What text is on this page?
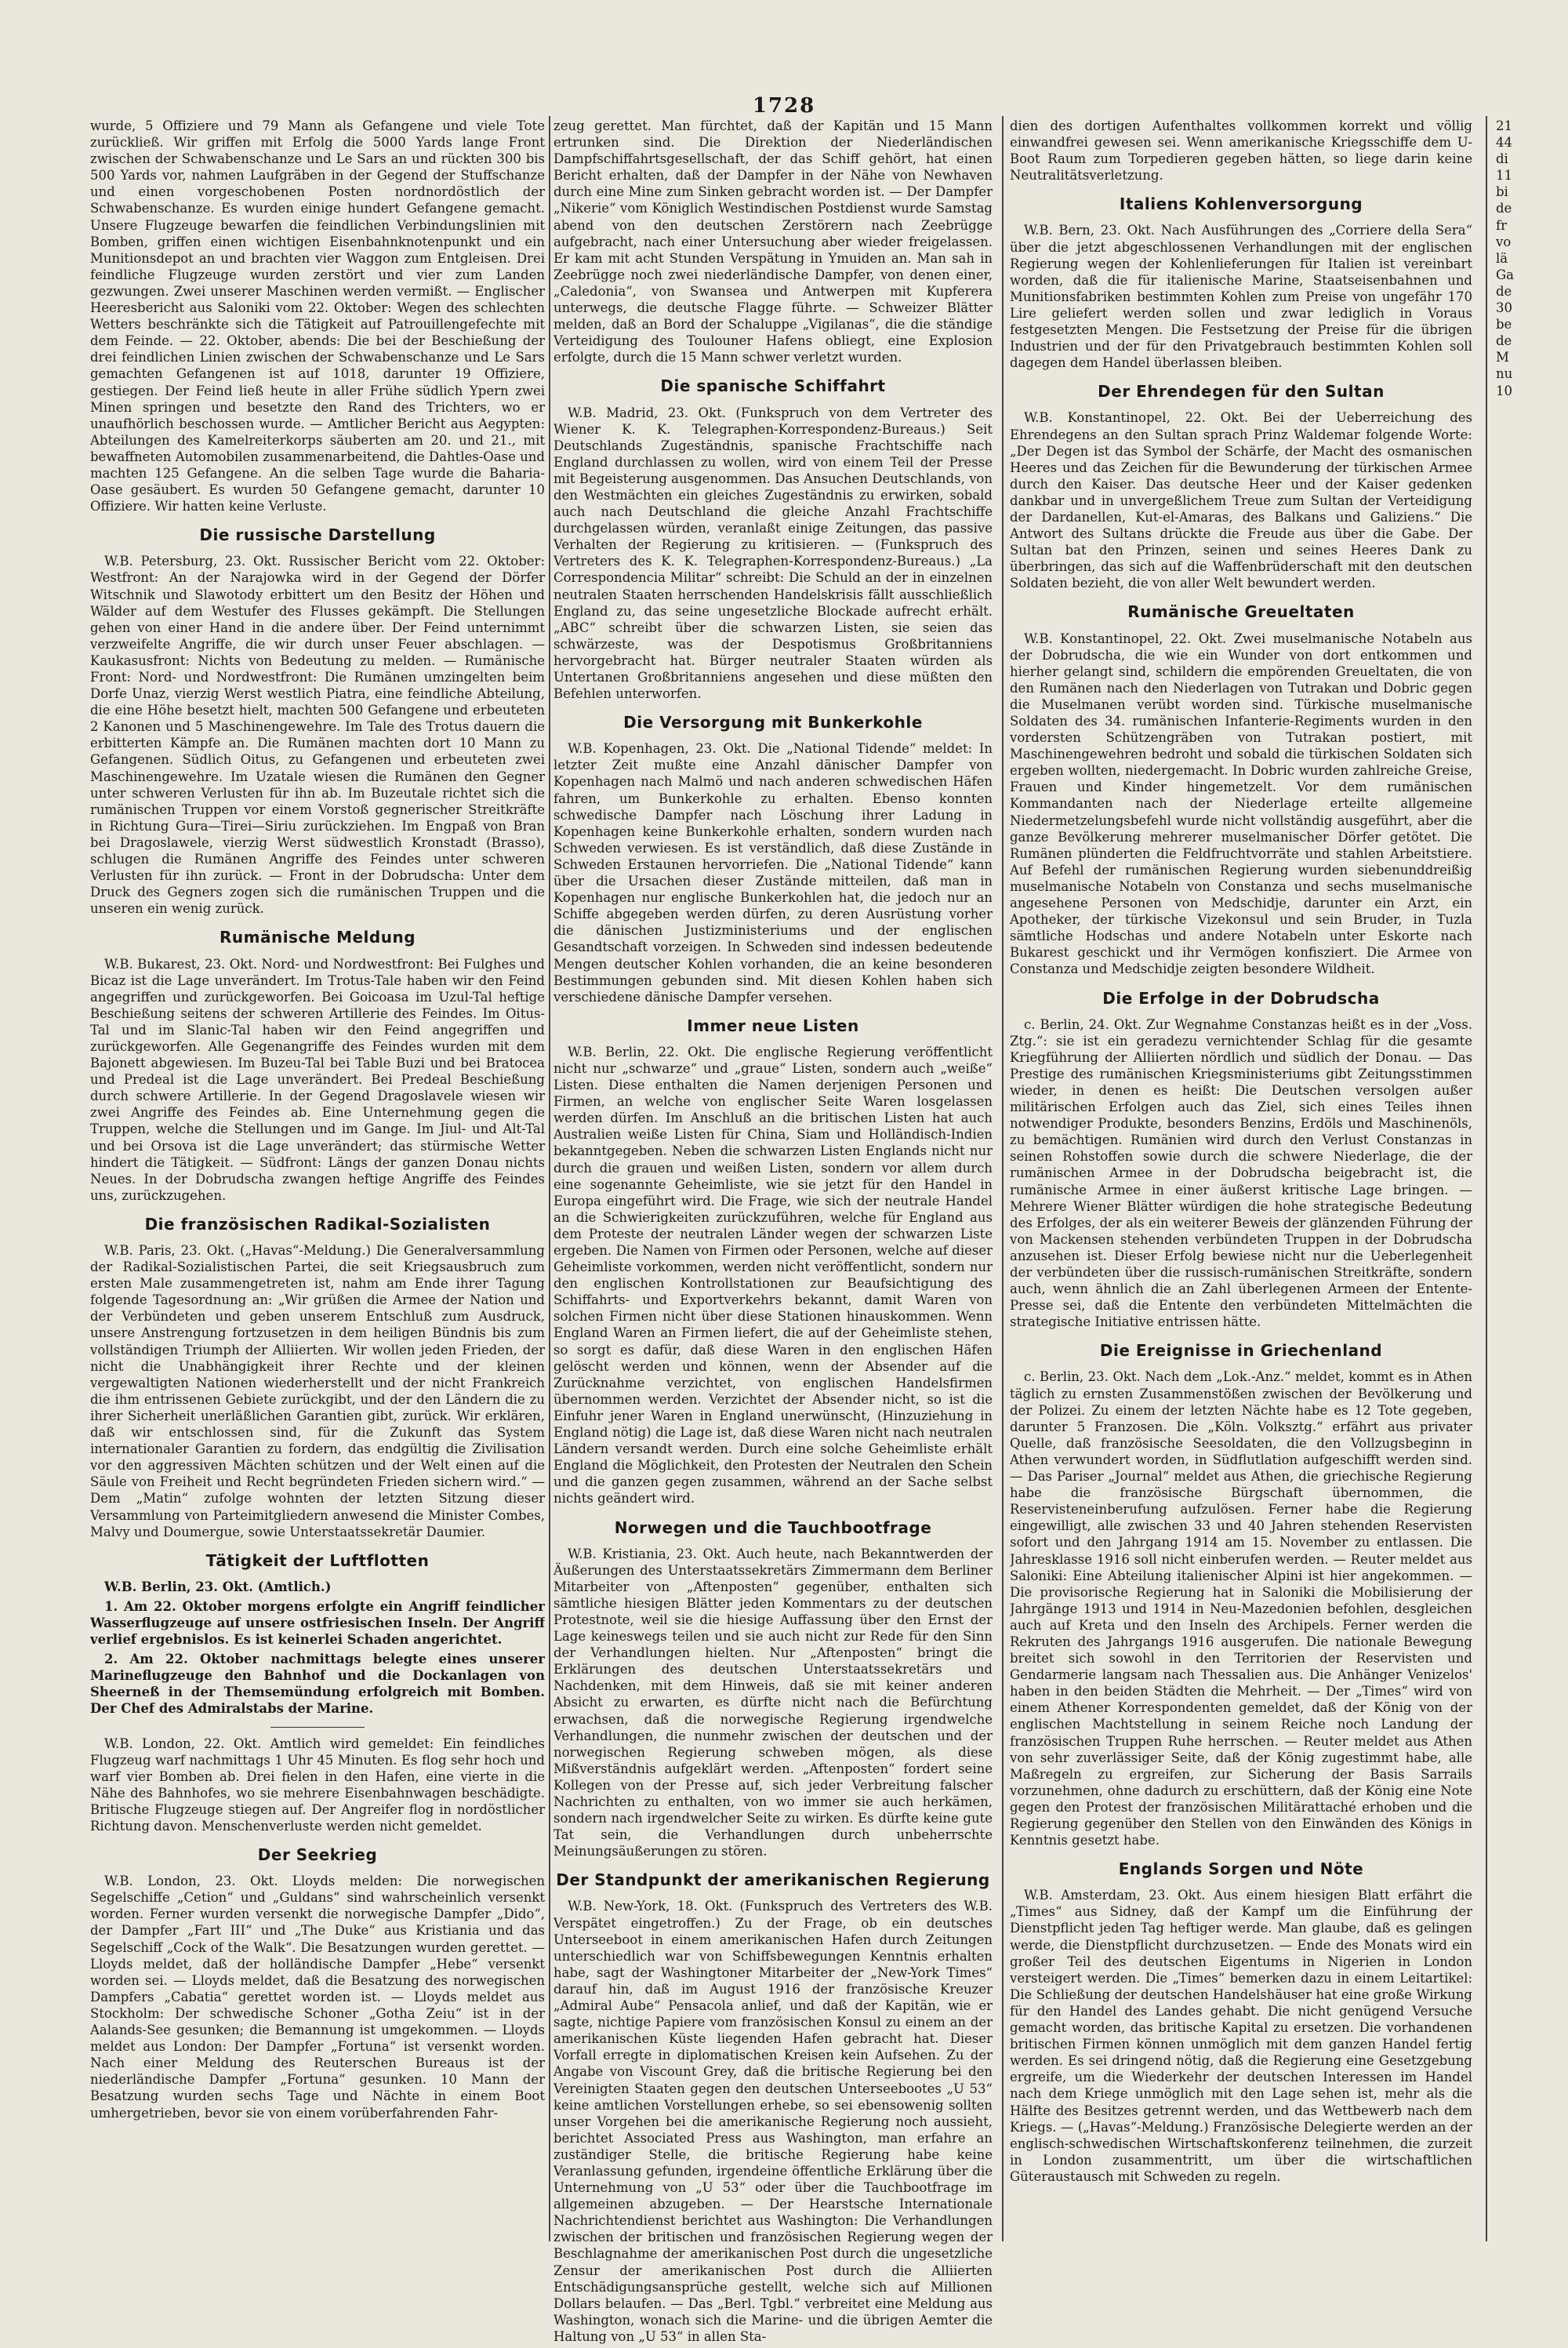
1728

wurde, 5 Offiziere und 79 Mann als Gefangene und viele Tote zurückließ. Wir griffen mit Erfolg die 5000 Yards lange Front zwischen der Schwabenschanze und Le Sars an und rückten 300 bis 500 Yards vor, nahmen Laufgräben in der Gegend der Stuffschanze und einen vorgeschobenen Posten nordnordöstlich der Schwabenschanze. Es wurden einige hundert Gefangene gemacht. Unsere Flugzeuge bewarfen die feindlichen Verbindungslinien mit Bomben, griffen einen wichtigen Eisenbahnknotenpunkt und ein Munitionsdepot an und brachten vier Waggon zum Entgleisen. Drei feindliche Flugzeuge wurden zerstört und vier zum Landen gezwungen. Zwei unserer Maschinen werden vermißt. — Englischer Heeresbericht aus Saloniki vom 22. Oktober: Wegen des schlechten Wetters beschränkte sich die Tätigkeit auf Patrouillengefechte mit dem Feinde. — 22. Oktober, abends: Die bei der Beschießung der drei feindlichen Linien zwischen der Schwabenschanze und Le Sars gemachten Gefangenen ist auf 1018, darunter 19 Offiziere, gestiegen. Der Feind ließ heute in aller Frühe südlich Ypern zwei Minen springen und besetzte den Rand des Trichters, wo er unaufhörlich beschossen wurde. — Amtlicher Bericht aus Aegypten: Abteilungen des Kamelreiterkorps säuberten am 20. und 21., mit bewaffneten Automobilen zusammenarbeitend, die Dahtles-Oase und machten 125 Gefangene. An die selben Tage wurde die Baharia-Oase gesäubert. Es wurden 50 Gefangene gemacht, darunter 10 Offiziere. Wir hatten keine Verluste.

Die russische Darstellung

W.B. Petersburg, 23. Okt. Russischer Bericht vom 22. Oktober: Westfront: An der Narajowka wird in der Gegend der Dörfer Witschnik und Slawotody erbittert um den Besitz der Höhen und Wälder auf dem Westufer des Flusses gekämpft. Die Stellungen gehen von einer Hand in die andere über. Der Feind unternimmt verzweifelte Angriffe, die wir durch unser Feuer abschlagen. — Kaukasusfront: Nichts von Bedeutung zu melden. — Rumänische Front: Nord- und Nordwestfront: Die Rumänen umzingelten beim Dorfe Unaz, vierzig Werst westlich Piatra, eine feindliche Abteilung, die eine Höhe besetzt hielt, machten 500 Gefangene und erbeuteten 2 Kanonen und 5 Maschinengewehre. Im Tale des Trotus dauern die erbitterten Kämpfe an. Die Rumänen machten dort 10 Mann zu Gefangenen. Südlich Oitus, zu Gefangenen und erbeuteten zwei Maschinengewehre. Im Uzatale wiesen die Rumänen den Gegner unter schweren Verlusten für ihn ab. Im Buzeutale richtet sich die rumänischen Truppen vor einem Vorstoß gegnerischer Streitkräfte in Richtung Gura—Tirei—Siriu zurückziehen. Im Engpaß von Bran bei Dragoslawele, vierzig Werst südwestlich Kronstadt (Brasso), schlugen die Rumänen Angriffe des Feindes unter schweren Verlusten für ihn zurück. — Front in der Dobrudscha: Unter dem Druck des Gegners zogen sich die rumänischen Truppen und die unseren ein wenig zurück.

Rumänische Meldung

W.B. Bukarest, 23. Okt. Nord- und Nordwestfront: Bei Fulghes und Bicaz ist die Lage unverändert. Im Trotus-Tale haben wir den Feind angegriffen und zurückgeworfen. Bei Goicoasa im Uzul-Tal heftige Beschießung seitens der schweren Artillerie des Feindes. Im Oitus-Tal und im Slanic-Tal haben wir den Feind angegriffen und zurückgeworfen. Alle Gegenangriffe des Feindes wurden mit dem Bajonett abgewiesen. Im Buzeu-Tal bei Table Buzi und bei Bratocea und Predeal ist die Lage unverändert. Bei Predeal Beschießung durch schwere Artillerie. In der Gegend Dragoslavele wiesen wir zwei Angriffe des Feindes ab. Eine Unternehmung gegen die Truppen, welche die Stellungen und im Gange. Im Jiul- und Alt-Tal und bei Orsova ist die Lage unverändert; das stürmische Wetter hindert die Tätigkeit. — Südfront: Längs der ganzen Donau nichts Neues. In der Dobrudscha zwangen heftige Angriffe des Feindes uns, zurückzugehen.

Die französischen Radikal-Sozialisten

W.B. Paris, 23. Okt. („Havas“-Meldung.) Die Generalversammlung der Radikal-Sozialistischen Partei, die seit Kriegsausbruch zum ersten Male zusammengetreten ist, nahm am Ende ihrer Tagung folgende Tagesordnung an: „Wir grüßen die Armee der Nation und der Verbündeten und geben unserem Entschluß zum Ausdruck, unsere Anstrengung fortzusetzen in dem heiligen Bündnis bis zum vollständigen Triumph der Alliierten. Wir wollen jeden Frieden, der nicht die Unabhängigkeit ihrer Rechte und der kleinen vergewaltigten Nationen wiederherstellt und der nicht Frankreich die ihm entrissenen Gebiete zurückgibt, und der den Ländern die zu ihrer Sicherheit unerläßlichen Garantien gibt, zurück. Wir erklären, daß wir entschlossen sind, für die Zukunft das System internationaler Garantien zu fordern, das endgültig die Zivilisation vor den aggressiven Mächten schützen und der Welt einen auf die Säule von Freiheit und Recht begründeten Frieden sichern wird.“ — Dem „Matin“ zufolge wohnten der letzten Sitzung dieser Versammlung von Parteimitgliedern anwesend die Minister Combes, Malvy und Doumergue, sowie Unterstaatssekretär Daumier.

Tätigkeit der Luftflotten

W.B. Berlin, 23. Okt. (Amtlich.)

1. Am 22. Oktober morgens erfolgte ein Angriff feindlicher Wasserflugzeuge auf unsere ostfriesischen Inseln. Der Angriff verlief ergebnislos. Es ist keinerlei Schaden angerichtet.

2. Am 22. Oktober nachmittags belegte eines unserer Marineflugzeuge den Bahnhof und die Dockanlagen von Sheerneß in der Themsemündung erfolgreich mit Bomben. Der Chef des Admiralstabs der Marine.

W.B. London, 22. Okt. Amtlich wird gemeldet: Ein feindliches Flugzeug warf nachmittags 1 Uhr 45 Minuten. Es flog sehr hoch und warf vier Bomben ab. Drei fielen in den Hafen, eine vierte in die Nähe des Bahnhofes, wo sie mehrere Eisenbahnwagen beschädigte. Britische Flugzeuge stiegen auf. Der Angreifer flog in nordöstlicher Richtung davon. Menschenverluste werden nicht gemeldet.

Der Seekrieg

W.B. London, 23. Okt. Lloyds melden: Die norwegischen Segelschiffe „Cetion“ und „Guldans“ sind wahrscheinlich versenkt worden. Ferner wurden versenkt die norwegische Dampfer „Dido“, der Dampfer „Fart III“ und „The Duke“ aus Kristiania und das Segelschiff „Cock of the Walk“. Die Besatzungen wurden gerettet. — Lloyds meldet, daß der holländische Dampfer „Hebe“ versenkt worden sei. — Lloyds meldet, daß die Besatzung des norwegischen Dampfers „Cabatia“ gerettet worden ist. — Lloyds meldet aus Stockholm: Der schwedische Schoner „Gotha Zeiu“ ist in der Aalands-See gesunken; die Bemannung ist umgekommen. — Lloyds meldet aus London: Der Dampfer „Fortuna“ ist versenkt worden. Nach einer Meldung des Reuterschen Bureaus ist der niederländische Dampfer „Fortuna“ gesunken. 10 Mann der Besatzung wurden sechs Tage und Nächte in einem Boot umhergetrieben, bevor sie von einem vorüberfahrenden Fahr-

zeug gerettet. Man fürchtet, daß der Kapitän und 15 Mann ertrunken sind. Die Direktion der Niederländischen Dampfschiffahrtsgesellschaft, der das Schiff gehört, hat einen Bericht erhalten, daß der Dampfer in der Nähe von Newhaven durch eine Mine zum Sinken gebracht worden ist. — Der Dampfer „Nikerie“ vom Königlich Westindischen Postdienst wurde Samstag abend von den deutschen Zerstörern nach Zeebrügge aufgebracht, nach einer Untersuchung aber wieder freigelassen. Er kam mit acht Stunden Verspätung in Ymuiden an. Man sah in Zeebrügge noch zwei niederländische Dampfer, von denen einer, „Caledonia“, von Swansea und Antwerpen mit Kupferera unterwegs, die deutsche Flagge führte. — Schweizer Blätter melden, daß an Bord der Schaluppe „Vigilanas“, die die ständige Verteidigung des Toulouner Hafens obliegt, eine Explosion erfolgte, durch die 15 Mann schwer verletzt wurden.

Die spanische Schiffahrt

W.B. Madrid, 23. Okt. (Funkspruch von dem Vertreter des Wiener K. K. Telegraphen-Korrespondenz-Bureaus.) Seit Deutschlands Zugeständnis, spanische Frachtschiffe nach England durchlassen zu wollen, wird von einem Teil der Presse mit Begeisterung ausgenommen. Das Ansuchen Deutschlands, von den Westmächten ein gleiches Zugeständnis zu erwirken, sobald auch nach Deutschland die gleiche Anzahl Frachtschiffe durchgelassen würden, veranlaßt einige Zeitungen, das passive Verhalten der Regierung zu kritisieren. — (Funkspruch des Vertreters des K. K. Telegraphen-Korrespondenz-Bureaus.) „La Correspondencia Militar“ schreibt: Die Schuld an der in einzelnen neutralen Staaten herrschenden Handelskrisis fällt ausschließlich England zu, das seine ungesetzliche Blockade aufrecht erhält. „ABC“ schreibt über die schwarzen Listen, sie seien das schwärzeste, was der Despotismus Großbritanniens hervorgebracht hat. Bürger neutraler Staaten würden als Untertanen Großbritanniens angesehen und diese müßten den Befehlen unterworfen.

Die Versorgung mit Bunkerkohle

W.B. Kopenhagen, 23. Okt. Die „National Tidende“ meldet: In letzter Zeit mußte eine Anzahl dänischer Dampfer von Kopenhagen nach Malmö und nach anderen schwedischen Häfen fahren, um Bunkerkohle zu erhalten. Ebenso konnten schwedische Dampfer nach Löschung ihrer Ladung in Kopenhagen keine Bunkerkohle erhalten, sondern wurden nach Schweden verwiesen. Es ist verständlich, daß diese Zustände in Schweden Erstaunen hervorriefen. Die „National Tidende“ kann über die Ursachen dieser Zustände mitteilen, daß man in Kopenhagen nur englische Bunkerkohlen hat, die jedoch nur an Schiffe abgegeben werden dürfen, zu deren Ausrüstung vorher die dänischen Justizministeriums und der englischen Gesandtschaft vorzeigen. In Schweden sind indessen bedeutende Mengen deutscher Kohlen vorhanden, die an keine besonderen Bestimmungen gebunden sind. Mit diesen Kohlen haben sich verschiedene dänische Dampfer versehen.

Immer neue Listen

W.B. Berlin, 22. Okt. Die englische Regierung veröffentlicht nicht nur „schwarze“ und „graue“ Listen, sondern auch „weiße“ Listen. Diese enthalten die Namen derjenigen Personen und Firmen, an welche von englischer Seite Waren losgelassen werden dürfen. Im Anschluß an die britischen Listen hat auch Australien weiße Listen für China, Siam und Holländisch-Indien bekanntgegeben. Neben die schwarzen Listen Englands nicht nur durch die grauen und weißen Listen, sondern vor allem durch eine sogenannte Geheimliste, wie sie jetzt für den Handel in Europa eingeführt wird. Die Frage, wie sich der neutrale Handel an die Schwierigkeiten zurückzuführen, welche für England aus dem Proteste der neutralen Länder wegen der schwarzen Liste ergeben. Die Namen von Firmen oder Personen, welche auf dieser Geheimliste vorkommen, werden nicht veröffentlicht, sondern nur den englischen Kontrollstationen zur Beaufsichtigung des Schiffahrts- und Exportverkehrs bekannt, damit Waren von solchen Firmen nicht über diese Stationen hinauskommen. Wenn England Waren an Firmen liefert, die auf der Geheimliste stehen, so sorgt es dafür, daß diese Waren in den englischen Häfen gelöscht werden und können, wenn der Absender auf die Zurücknahme verzichtet, von englischen Handelsfirmen übernommen werden. Verzichtet der Absender nicht, so ist die Einfuhr jener Waren in England unerwünscht, (Hinzuziehung in England nötig) die Lage ist, daß diese Waren nicht nach neutralen Ländern versandt werden. Durch eine solche Geheimliste erhält England die Möglichkeit, den Protesten der Neutralen den Schein und die ganzen gegen zusammen, während an der Sache selbst nichts geändert wird.

Norwegen und die Tauchbootfrage

W.B. Kristiania, 23. Okt. Auch heute, nach Bekanntwerden der Äußerungen des Unterstaatssekretärs Zimmermann dem Berliner Mitarbeiter von „Aftenposten“ gegenüber, enthalten sich sämtliche hiesigen Blätter jeden Kommentars zu der deutschen Protestnote, weil sie die hiesige Auffassung über den Ernst der Lage keineswegs teilen und sie auch nicht zur Rede für den Sinn der Verhandlungen hielten. Nur „Aftenposten“ bringt die Erklärungen des deutschen Unterstaatssekretärs und Nachdenken, mit dem Hinweis, daß sie mit keiner anderen Absicht zu erwarten, es dürfte nicht nach die Befürchtung erwachsen, daß die norwegische Regierung irgendwelche Verhandlungen, die nunmehr zwischen der deutschen und der norwegischen Regierung schweben mögen, als diese Mißverständnis aufgeklärt werden. „Aftenposten“ fordert seine Kollegen von der Presse auf, sich jeder Verbreitung falscher Nachrichten zu enthalten, von wo immer sie auch herkämen, sondern nach irgendwelcher Seite zu wirken. Es dürfte keine gute Tat sein, die Verhandlungen durch unbeherrschte Meinungsäußerungen zu stören.

Der Standpunkt der amerikanischen Regierung

W.B. New-York, 18. Okt. (Funkspruch des Vertreters des W.B. Verspätet eingetroffen.) Zu der Frage, ob ein deutsches Unterseeboot in einem amerikanischen Hafen durch Zeitungen unterschiedlich war von Schiffsbewegungen Kenntnis erhalten habe, sagt der Washingtoner Mitarbeiter der „New-York Times“ darauf hin, daß im August 1916 der französische Kreuzer „Admiral Aube“ Pensacola anlief, und daß der Kapitän, wie er sagte, nichtige Papiere vom französischen Konsul zu einem an der amerikanischen Küste liegenden Hafen gebracht hat. Dieser Vorfall erregte in diplomatischen Kreisen kein Aufsehen. Zu der Angabe von Viscount Grey, daß die britische Regierung bei den Vereinigten Staaten gegen den deutschen Unterseebootes „U 53“ keine amtlichen Vorstellungen erhebe, so sei ebensowenig sollten unser Vorgehen bei die amerikanische Regierung noch aussieht, berichtet Associated Press aus Washington, man erfahre an zuständiger Stelle, die britische Regierung habe keine Veranlassung gefunden, irgendeine öffentliche Erklärung über die Unternehmung von „U 53“ oder über die Tauchbootfrage im allgemeinen abzugeben. — Der Hearstsche Internationale Nachrichtendienst berichtet aus Washington: Die Verhandlungen zwischen der britischen und französischen Regierung wegen der Beschlagnahme der amerikanischen Post durch die ungesetzliche Zensur der amerikanischen Post durch die Alliierten Entschädigungsansprüche gestellt, welche sich auf Millionen Dollars belaufen. — Das „Berl. Tgbl.“ verbreitet eine Meldung aus Washington, wonach sich die Marine- und die übrigen Aemter die Haltung von „U 53“ in allen Sta-

dien des dortigen Aufenthaltes vollkommen korrekt und völlig einwandfrei gewesen sei. Wenn amerikanische Kriegsschiffe dem U-Boot Raum zum Torpedieren gegeben hätten, so liege darin keine Neutralitätsverletzung.

Italiens Kohlenversorgung

W.B. Bern, 23. Okt. Nach Ausführungen des „Corriere della Sera“ über die jetzt abgeschlossenen Verhandlungen mit der englischen Regierung wegen der Kohlenlieferungen für Italien ist vereinbart worden, daß die für italienische Marine, Staatseisenbahnen und Munitionsfabriken bestimmten Kohlen zum Preise von ungefähr 170 Lire geliefert werden sollen und zwar lediglich in Voraus festgesetzten Mengen. Die Festsetzung der Preise für die übrigen Industrien und der für den Privatgebrauch bestimmten Kohlen soll dagegen dem Handel überlassen bleiben.

Der Ehrendegen für den Sultan

W.B. Konstantinopel, 22. Okt. Bei der Ueberreichung des Ehrendegens an den Sultan sprach Prinz Waldemar folgende Worte: „Der Degen ist das Symbol der Schärfe, der Macht des osmanischen Heeres und das Zeichen für die Bewunderung der türkischen Armee durch den Kaiser. Das deutsche Heer und der Kaiser gedenken dankbar und in unvergeßlichem Treue zum Sultan der Verteidigung der Dardanellen, Kut-el-Amaras, des Balkans und Galiziens.“ Die Antwort des Sultans drückte die Freude aus über die Gabe. Der Sultan bat den Prinzen, seinen und seines Heeres Dank zu überbringen, das sich auf die Waffenbrüderschaft mit den deutschen Soldaten bezieht, die von aller Welt bewundert werden.

Rumänische Greueltaten

W.B. Konstantinopel, 22. Okt. Zwei muselmanische Notabeln aus der Dobrudscha, die wie ein Wunder von dort entkommen und hierher gelangt sind, schildern die empörenden Greueltaten, die von den Rumänen nach den Niederlagen von Tutrakan und Dobric gegen die Muselmanen verübt worden sind. Türkische muselmanische Soldaten des 34. rumänischen Infanterie-Regiments wurden in den vordersten Schützengräben von Tutrakan postiert, mit Maschinengewehren bedroht und sobald die türkischen Soldaten sich ergeben wollten, niedergemacht. In Dobric wurden zahlreiche Greise, Frauen und Kinder hingemetzelt. Vor dem rumänischen Kommandanten nach der Niederlage erteilte allgemeine Niedermetzelungsbefehl wurde nicht vollständig ausgeführt, aber die ganze Bevölkerung mehrerer muselmanischer Dörfer getötet. Die Rumänen plünderten die Feldfruchtvorräte und stahlen Arbeitstiere. Auf Befehl der rumänischen Regierung wurden siebenunddreißig muselmanische Notabeln von Constanza und sechs muselmanische angesehene Personen von Medschidje, darunter ein Arzt, ein Apotheker, der türkische Vizekonsul und sein Bruder, in Tuzla sämtliche Hodschas und andere Notabeln unter Eskorte nach Bukarest geschickt und ihr Vermögen konfisziert. Die Armee von Constanza und Medschidje zeigten besondere Wildheit.

Die Erfolge in der Dobrudscha

c. Berlin, 24. Okt. Zur Wegnahme Constanzas heißt es in der „Voss. Ztg.“: sie ist ein geradezu vernichtender Schlag für die gesamte Kriegführung der Alliierten nördlich und südlich der Donau. — Das Prestige des rumänischen Kriegsministeriums gibt Zeitungsstimmen wieder, in denen es heißt: Die Deutschen versolgen außer militärischen Erfolgen auch das Ziel, sich eines Teiles ihnen notwendiger Produkte, besonders Benzins, Erdöls und Maschinenöls, zu bemächtigen. Rumänien wird durch den Verlust Constanzas in seinen Rohstoffen sowie durch die schwere Niederlage, die der rumänischen Armee in der Dobrudscha beigebracht ist, die rumänische Armee in einer äußerst kritische Lage bringen. — Mehrere Wiener Blätter würdigen die hohe strategische Bedeutung des Erfolges, der als ein weiterer Beweis der glänzenden Führung der von Mackensen stehenden verbündeten Truppen in der Dobrudscha anzusehen ist. Dieser Erfolg bewiese nicht nur die Ueberlegenheit der verbündeten über die russisch-rumänischen Streitkräfte, sondern auch, wenn ähnlich die an Zahl überlegenen Armeen der Entente-Presse sei, daß die Entente den verbündeten Mittelmächten die strategische Initiative entrissen hätte.

Die Ereignisse in Griechenland

c. Berlin, 23. Okt. Nach dem „Lok.-Anz.“ meldet, kommt es in Athen täglich zu ernsten Zusammenstößen zwischen der Bevölkerung und der Polizei. Zu einem der letzten Nächte habe es 12 Tote gegeben, darunter 5 Franzosen. Die „Köln. Volksztg.“ erfährt aus privater Quelle, daß französische Seesoldaten, die den Vollzugsbeginn in Athen verwundert worden, in Südflutlation aufgeschifft werden sind. — Das Pariser „Journal“ meldet aus Athen, die griechische Regierung habe die französische Bürgschaft übernommen, die Reservisteneinberufung aufzulösen. Ferner habe die Regierung eingewilligt, alle zwischen 33 und 40 Jahren stehenden Reservisten sofort und den Jahrgang 1914 am 15. November zu entlassen. Die Jahresklasse 1916 soll nicht einberufen werden. — Reuter meldet aus Saloniki: Eine Abteilung italienischer Alpini ist hier angekommen. — Die provisorische Regierung hat in Saloniki die Mobilisierung der Jahrgänge 1913 und 1914 in Neu-Mazedonien befohlen, desgleichen auch auf Kreta und den Inseln des Archipels. Ferner werden die Rekruten des Jahrgangs 1916 ausgerufen. Die nationale Bewegung breitet sich sowohl in den Territorien der Reservisten und Gendarmerie langsam nach Thessalien aus. Die Anhänger Venizelos' haben in den beiden Städten die Mehrheit. — Der „Times“ wird von einem Athener Korrespondenten gemeldet, daß der König von der englischen Machtstellung in seinem Reiche noch Landung der französischen Truppen Ruhe herrschen. — Reuter meldet aus Athen von sehr zuverlässiger Seite, daß der König zugestimmt habe, alle Maßregeln zu ergreifen, zur Sicherung der Basis Sarrails vorzunehmen, ohne dadurch zu erschüttern, daß der König eine Note gegen den Protest der französischen Militärattaché erhoben und die Regierung gegenüber den Stellen von den Einwänden des Königs in Kenntnis gesetzt habe.

Englands Sorgen und Nöte

W.B. Amsterdam, 23. Okt. Aus einem hiesigen Blatt erfährt die „Times“ aus Sidney, daß der Kampf um die Einführung der Dienstpflicht jeden Tag heftiger werde. Man glaube, daß es gelingen werde, die Dienstpflicht durchzusetzen. — Ende des Monats wird ein großer Teil des deutschen Eigentums in Nigerien in London versteigert werden. Die „Times“ bemerken dazu in einem Leitartikel: Die Schließung der deutschen Handelshäuser hat eine große Wirkung für den Handel des Landes gehabt. Die nicht genügend Versuche gemacht worden, das britische Kapital zu ersetzen. Die vorhandenen britischen Firmen können unmöglich mit dem ganzen Handel fertig werden. Es sei dringend nötig, daß die Regierung eine Gesetzgebung ergreife, um die Wiederkehr der deutschen Interessen im Handel nach dem Kriege unmöglich mit den Lage sehen ist, mehr als die Hälfte des Besitzes getrennt werden, und das Wettbewerb nach dem Kriegs. — („Havas“-Meldung.) Französische Delegierte werden an der englisch-schwedischen Wirtschaftskonferenz teilnehmen, die zurzeit in London zusammentritt, um über die wirtschaftlichen Güteraustausch mit Schweden zu regeln.

21

44

di

11

bi

de

fr

vo

lä

Ga

de

30

be

de

M

nu

10
